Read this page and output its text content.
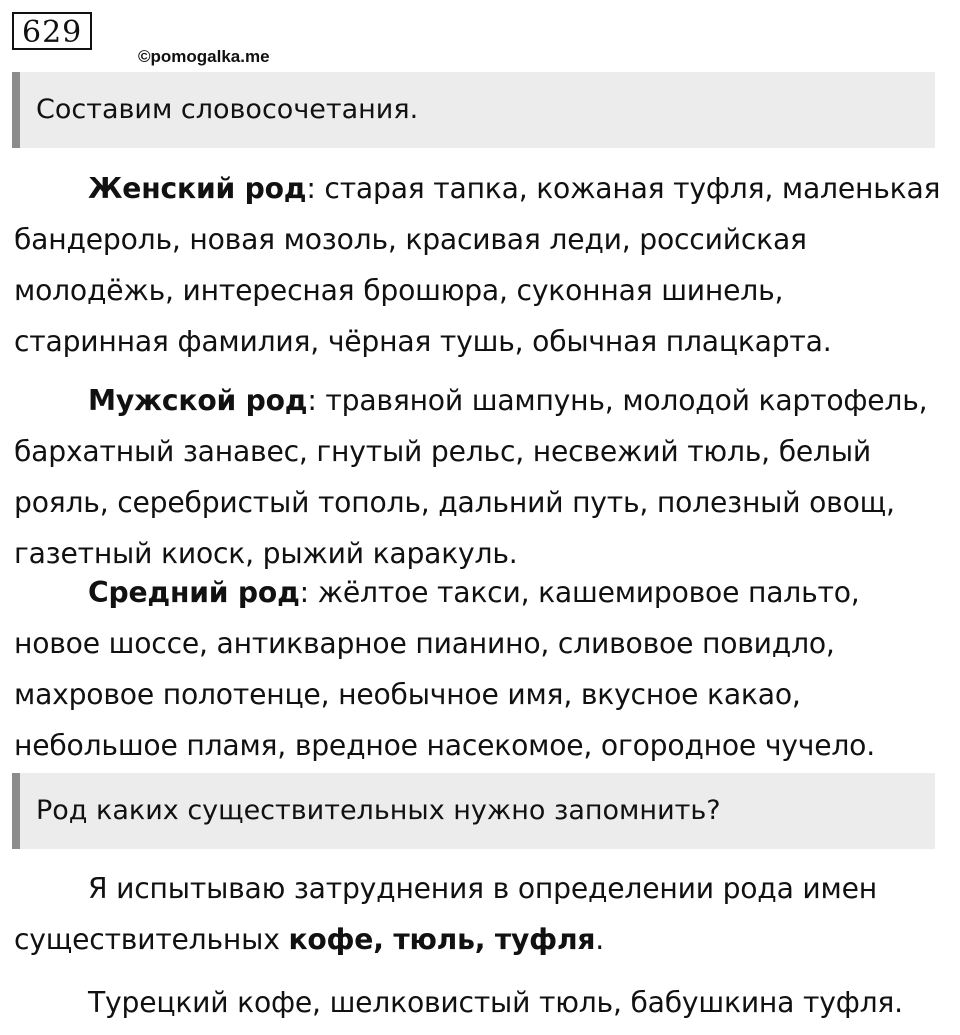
629
©pomogalka.me
Составим словосочетания.
Женский род: старая тапка, кожаная туфля, маленькая
бандероль, новая мозоль, красивая леди, российская
молодёжь, интересная брошюра, суконная шинель,
старинная фамилия, чёрная тушь, обычная плацкарта.
Мужской род: травяной шампунь, молодой картофель,
бархатный занавес, гнутый рельс, несвежий тюль, белый
рояль, серебристый тополь, дальний путь, полезный овощ,
газетный киоск, рыжий каракуль.
Средний род: жёлтое такси, кашемировое пальто,
новое шоссе, антикварное пианино, сливовое повидло,
махровое полотенце, необычное имя, вкусное какао,
небольшое пламя, вредное насекомое, огородное чучело.
Род каких существительных нужно запомнить?
Я испытываю затруднения в определении рода имен
существительных кофе, тюль, туфля.
Турецкий кофе, шелковистый тюль, бабушкина туфля.
